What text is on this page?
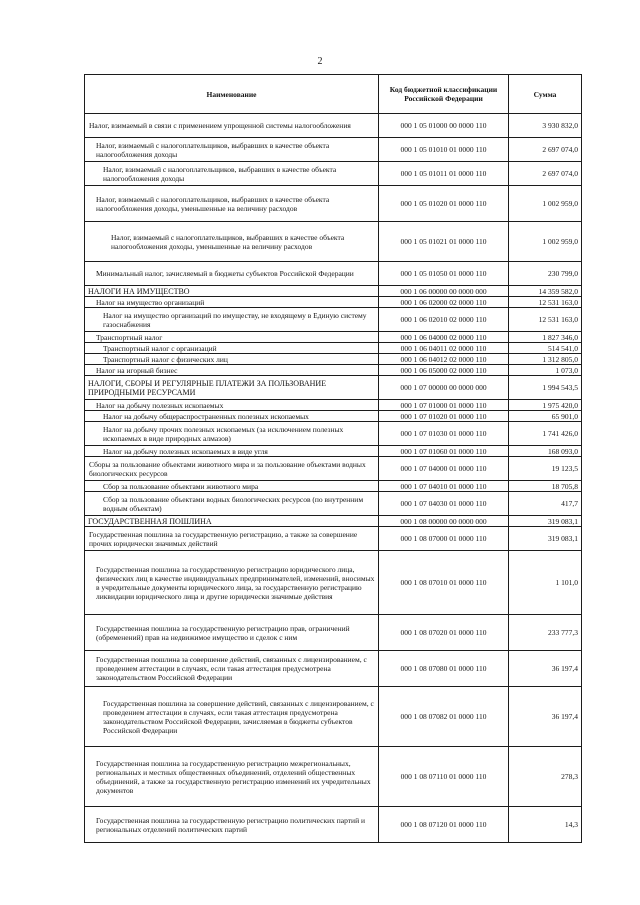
2
Наименование	Код бюджетной классификации Российской Федерации	Сумма
Налог, взимаемый в связи с применением упрощенной системы налогообложения	000 1 05 01000 00 0000 110	3 930 832,0
Налог, взимаемый с налогоплательщиков, выбравших в качестве объекта налогообложения доходы	000 1 05 01010 01 0000 110	2 697 074,0
Налог, взимаемый с налогоплательщиков, выбравших в качестве объекта налогообложения доходы	000 1 05 01011 01 0000 110	2 697 074,0
Налог, взимаемый с налогоплательщиков, выбравших в качестве объекта налогообложения доходы, уменьшенные на величину расходов	000 1 05 01020 01 0000 110	1 002 959,0
Налог, взимаемый с налогоплательщиков, выбравших в качестве объекта налогообложения доходы, уменьшенные на величину расходов	000 1 05 01021 01 0000 110	1 002 959,0
Минимальный налог, зачисляемый в бюджеты субъектов Российской Федерации	000 1 05 01050 01 0000 110	230 799,0
НАЛОГИ НА ИМУЩЕСТВО	000 1 06 00000 00 0000 000	14 359 582,0
Налог на имущество организаций	000 1 06 02000 02 0000 110	12 531 163,0
Налог на имущество организаций по имуществу, не входящему в Единую систему газоснабжения	000 1 06 02010 02 0000 110	12 531 163,0
Транспортный налог	000 1 06 04000 02 0000 110	1 827 346,0
Транспортный налог с организаций	000 1 06 04011 02 0000 110	514 541,0
Транспортный налог с физических лиц	000 1 06 04012 02 0000 110	1 312 805,0
Налог на игорный бизнес	000 1 06 05000 02 0000 110	1 073,0
НАЛОГИ, СБОРЫ И РЕГУЛЯРНЫЕ ПЛАТЕЖИ ЗА ПОЛЬЗОВАНИЕ ПРИРОДНЫМИ РЕСУРСАМИ	000 1 07 00000 00 0000 000	1 994 543,5
Налог на добычу полезных ископаемых	000 1 07 01000 01 0000 110	1 975 420,0
Налог на добычу общераспространенных полезных ископаемых	000 1 07 01020 01 0000 110	65 901,0
Налог на добычу прочих полезных ископаемых (за исключением полезных ископаемых в виде природных алмазов)	000 1 07 01030 01 0000 110	1 741 426,0
Налог на добычу полезных ископаемых в виде угля	000 1 07 01060 01 0000 110	168 093,0
Сборы за пользование объектами животного мира и за пользование объектами водных биологических ресурсов	000 1 07 04000 01 0000 110	19 123,5
Сбор за пользование объектами животного мира	000 1 07 04010 01 0000 110	18 705,8
Сбор за пользование объектами водных биологических ресурсов (по внутренним водным объектам)	000 1 07 04030 01 0000 110	417,7
ГОСУДАРСТВЕННАЯ ПОШЛИНА	000 1 08 00000 00 0000 000	319 083,1
Государственная пошлина за государственную регистрацию, а также за совершение прочих юридически значимых действий	000 1 08 07000 01 0000 110	319 083,1
Государственная пошлина за государственную регистрацию юридического лица, физических лиц в качестве индивидуальных предпринимателей, изменений, вносимых в учредительные документы юридического лица, за государственную регистрацию ликвидации юридического лица и другие юридически значимые действия	000 1 08 07010 01 0000 110	1 101,0
Государственная пошлина за государственную регистрацию прав, ограничений (обременений) прав на недвижимое имущество и сделок с ним	000 1 08 07020 01 0000 110	233 777,3
Государственная пошлина за совершение действий, связанных с лицензированием, с проведением аттестации в случаях, если такая аттестация предусмотрена законодательством Российской Федерации	000 1 08 07080 01 0000 110	36 197,4
Государственная пошлина за совершение действий, связанных с лицензированием, с проведением аттестации в случаях, если такая аттестация предусмотрена законодательством Российской Федерации, зачисляемая в бюджеты субъектов Российской Федерации	000 1 08 07082 01 0000 110	36 197,4
Государственная пошлина за государственную регистрацию межрегиональных, региональных и местных общественных объединений, отделений общественных объединений, а также за государственную регистрацию изменений их учредительных документов	000 1 08 07110 01 0000 110	278,3
Государственная пошлина за государственную регистрацию политических партий и региональных отделений политических партий	000 1 08 07120 01 0000 110	14,3
